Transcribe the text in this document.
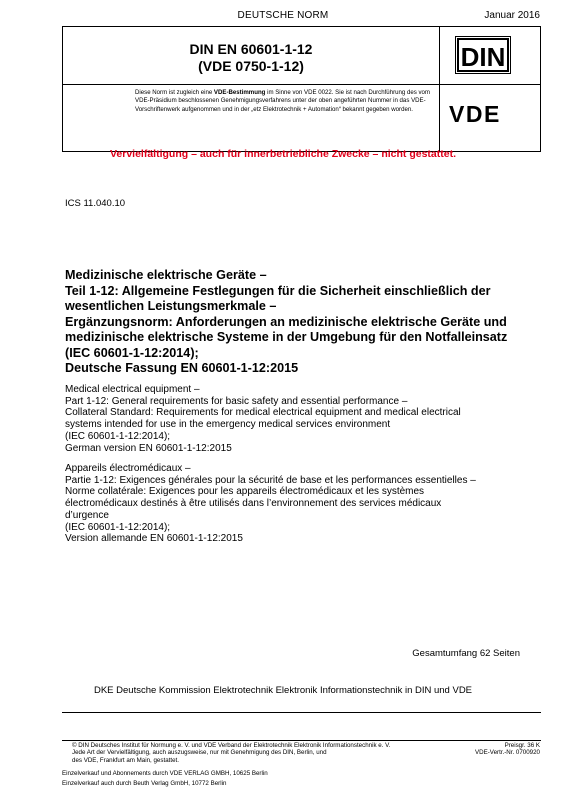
DEUTSCHE NORM	Januar 2016
DIN EN 60601-1-12
(VDE 0750-1-12)	DIN
VDE
Diese Norm ist zugleich eine VDE-Bestimmung im Sinne von VDE 0022. Sie ist nach Durchführung des vom VDE-Präsidium beschlossenen Genehmigungsverfahrens unter der oben angeführten Nummer in das VDE-Vorschriftenwerk aufgenommen und in der „etz Elektrotechnik + Automation“ bekannt gegeben worden.
Vervielfältigung – auch für innerbetriebliche Zwecke – nicht gestattet.
ICS 11.040.10
Medizinische elektrische Geräte –
Teil 1-12: Allgemeine Festlegungen für die Sicherheit einschließlich der
wesentlichen Leistungsmerkmale –
Ergänzungsnorm: Anforderungen an medizinische elektrische Geräte und
medizinische elektrische Systeme in der Umgebung für den Notfalleinsatz
(IEC 60601-1-12:2014);
Deutsche Fassung EN 60601-1-12:2015
Medical electrical equipment –
Part 1-12: General requirements for basic safety and essential performance –
Collateral Standard: Requirements for medical electrical equipment and medical electrical
systems intended for use in the emergency medical services environment
(IEC 60601-1-12:2014);
German version EN 60601-1-12:2015
Appareils électromédicaux –
Partie 1-12: Exigences générales pour la sécurité de base et les performances essentielles –
Norme collatérale: Exigences pour les appareils électromédicaux et les systèmes
électromédicaux destinés à être utilisés dans l’environnement des services médicaux
d’urgence
(IEC 60601-1-12:2014);
Version allemande EN 60601-1-12:2015
Gesamtumfang 62 Seiten
DKE Deutsche Kommission Elektrotechnik Elektronik Informationstechnik in DIN und VDE
© DIN Deutsches Institut für Normung e. V. und VDE Verband der Elektrotechnik Elektronik Informationstechnik e. V.
Jede Art der Vervielfältigung, auch auszugsweise, nur mit Genehmigung des DIN, Berlin, und
des VDE, Frankfurt am Main, gestattet.
Preisgr. 36 K
VDE-Vertr.-Nr. 0700920
Einzelverkauf und Abonnements durch VDE VERLAG GMBH, 10625 Berlin
Einzelverkauf auch durch Beuth Verlag GmbH, 10772 Berlin
